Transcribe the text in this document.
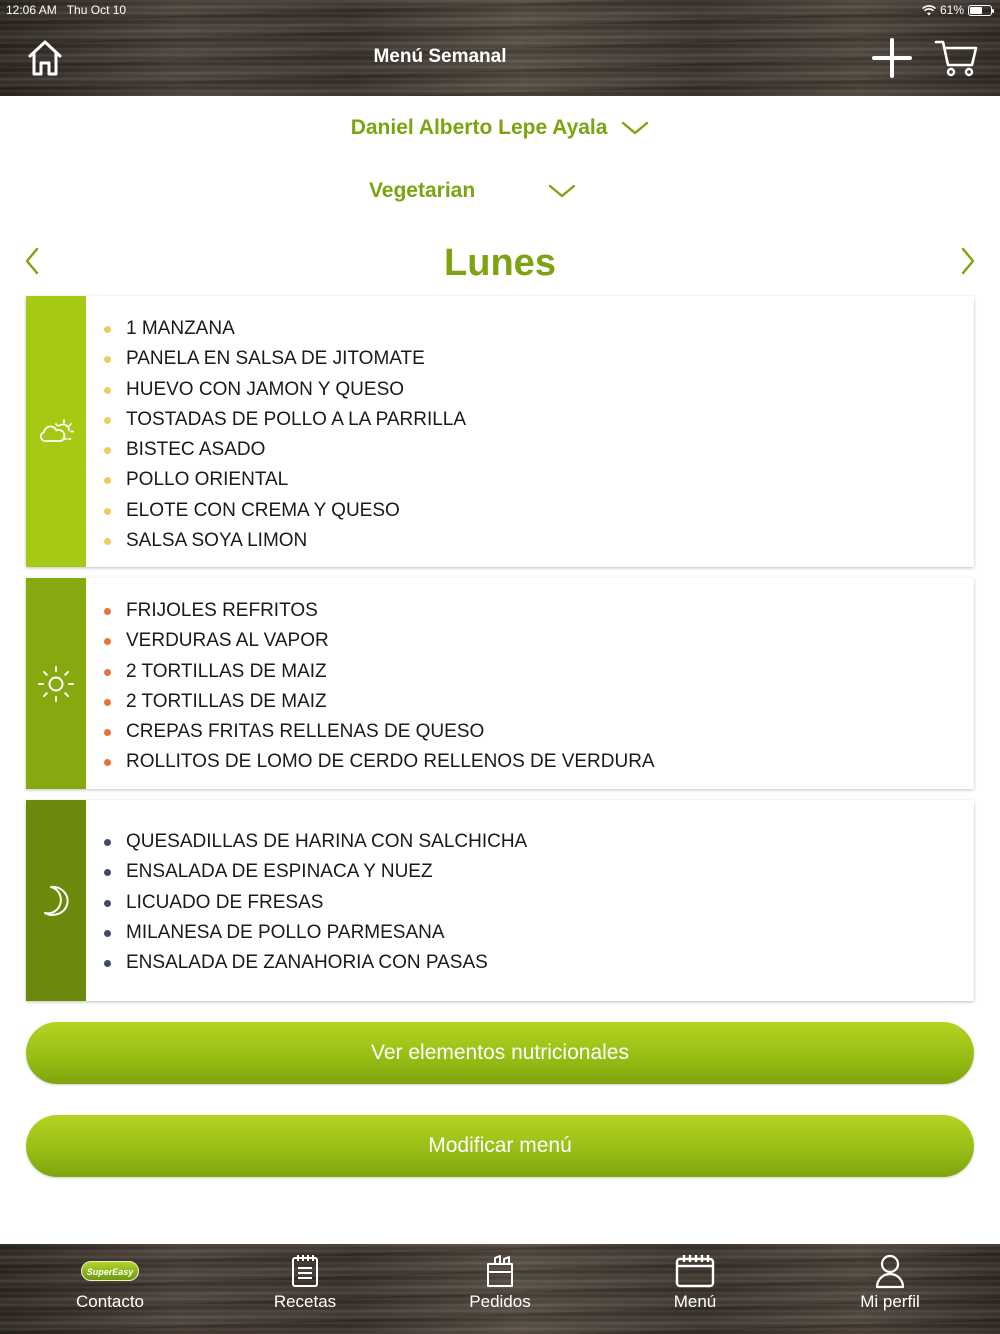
12:06 AM Thu Oct 10	61%
Menú Semanal
Daniel Alberto Lepe Ayala
Vegetarian
Lunes
1 MANZANA
PANELA EN SALSA DE JITOMATE
HUEVO CON JAMON Y QUESO
TOSTADAS DE POLLO A LA PARRILLA
BISTEC ASADO
POLLO ORIENTAL
ELOTE CON CREMA Y QUESO
SALSA SOYA LIMON
FRIJOLES REFRITOS
VERDURAS AL VAPOR
2 TORTILLAS DE MAIZ
2 TORTILLAS DE MAIZ
CREPAS FRITAS RELLENAS DE QUESO
ROLLITOS DE LOMO DE CERDO RELLENOS DE VERDURA
QUESADILLAS DE HARINA CON SALCHICHA
ENSALADA DE ESPINACA Y NUEZ
LICUADO DE FRESAS
MILANESA DE POLLO PARMESANA
ENSALADA DE ZANAHORIA CON PASAS
Ver elementos nutricionales
Modificar menú
SuperEasy
Contacto	Recetas	Pedidos	Menú	Mi perfil
